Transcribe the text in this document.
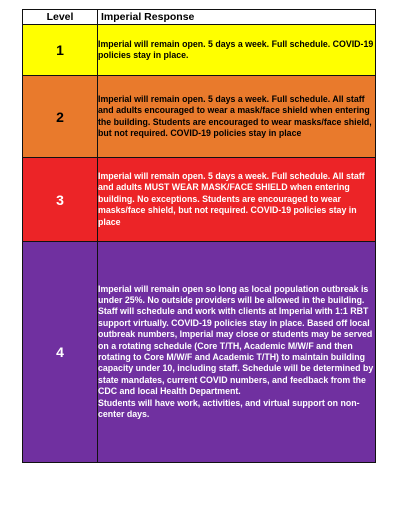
Level	Imperial Response
1	Imperial will remain open. 5 days a week. Full schedule. COVID-19 policies stay in place.

2	Imperial will remain open. 5 days a week. Full schedule. All staff and adults encouraged to wear a mask/face shield when entering the building. Students are encouraged to wear masks/face shield, but not required. COVID-19 policies stay in place

3	Imperial will remain open. 5 days a week. Full schedule. All staff and adults MUST WEAR MASK/FACE SHIELD when entering building. No exceptions. Students are encouraged to wear masks/face shield, but not required. COVID-19 policies stay in place

4	Imperial will remain open so long as local population outbreak is under 25%. No outside providers will be allowed in the building. Staff will schedule and work with clients at Imperial with 1:1 RBT support virtually. COVID-19 policies stay in place. Based off local outbreak numbers, Imperial may close or students may be served on a rotating schedule (Core T/TH, Academic M/W/F and then rotating to Core M/W/F and Academic T/TH) to maintain building capacity under 10, including staff. Schedule will be determined by state mandates, current COVID numbers, and feedback from the CDC and local Health Department.
Students will have work, activities, and virtual support on non-center days.
